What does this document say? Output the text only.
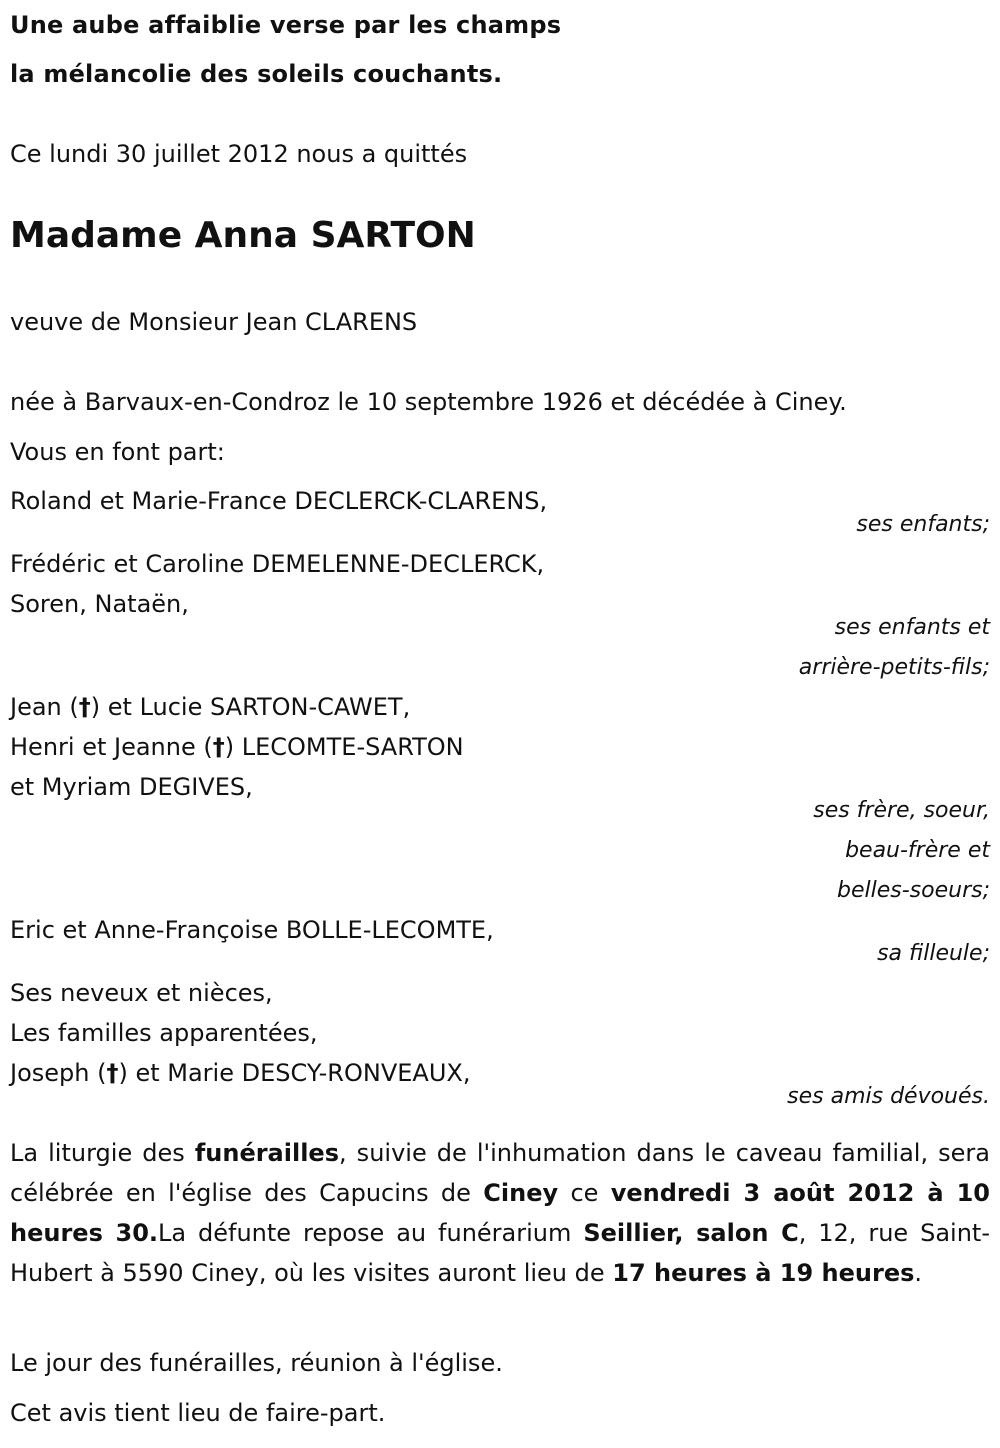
Une aube affaiblie verse par les champs
la mélancolie des soleils couchants.
Ce lundi 30 juillet 2012 nous a quittés
Madame Anna SARTON
veuve de Monsieur Jean CLARENS
née à Barvaux-en-Condroz le 10 septembre 1926 et décédée à Ciney.
Vous en font part:
Roland et Marie-France DECLERCK-CLARENS,
ses enfants;
Frédéric et Caroline DEMELENNE-DECLERCK,
Soren, Nataën,
ses enfants et
arrière-petits-fils;
Jean (†) et Lucie SARTON-CAWET,
Henri et Jeanne (†) LECOMTE-SARTON
et Myriam DEGIVES,
ses frère, soeur,
beau-frère et
belles-soeurs;
Eric et Anne-Françoise BOLLE-LECOMTE,
sa filleule;
Ses neveux et nièces,
Les familles apparentées,
Joseph (†) et Marie DESCY-RONVEAUX,
ses amis dévoués.
La liturgie des funérailles, suivie de l'inhumation dans le caveau familial, sera célébrée en l'église des Capucins de Ciney ce vendredi 3 août 2012 à 10 heures 30.La défunte repose au funérarium Seillier, salon C, 12, rue Saint-Hubert à 5590 Ciney, où les visites auront lieu de 17 heures à 19 heures.
Le jour des funérailles, réunion à l'église.
Cet avis tient lieu de faire-part.
